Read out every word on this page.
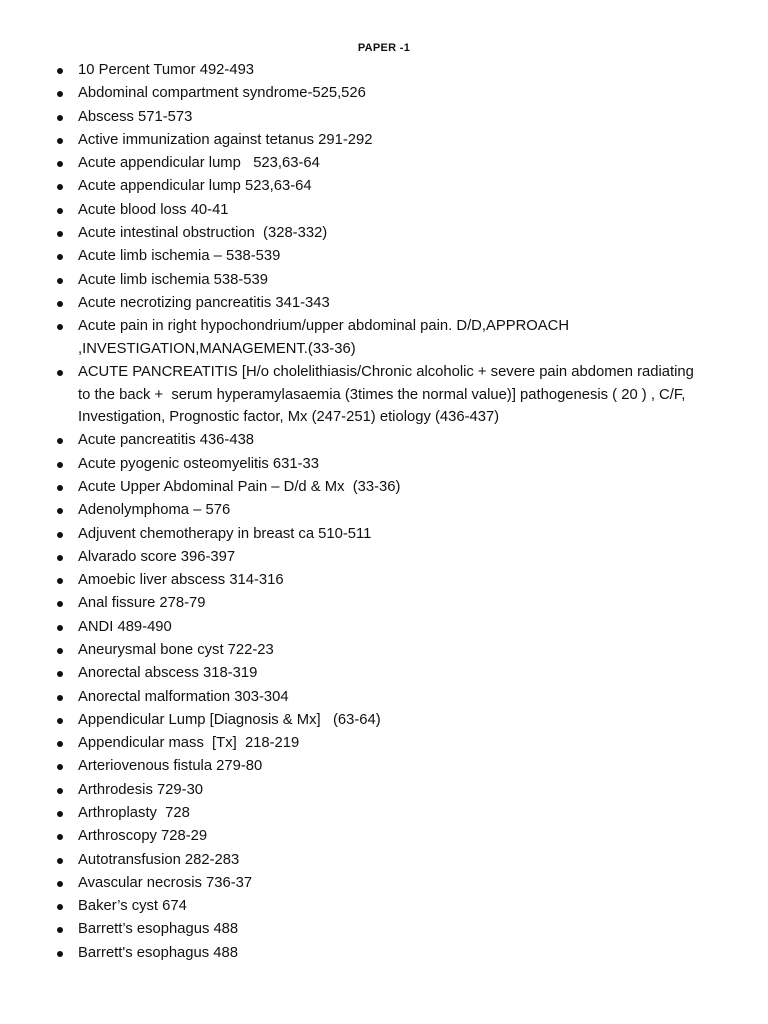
PAPER -1
10 Percent Tumor 492-493
Abdominal compartment syndrome-525,526
Abscess 571-573
Active immunization against tetanus 291-292
Acute appendicular lump   523,63-64
Acute appendicular lump 523,63-64
Acute blood loss 40-41
Acute intestinal obstruction  (328-332)
Acute limb ischemia – 538-539
Acute limb ischemia 538-539
Acute necrotizing pancreatitis 341-343
Acute pain in right hypochondrium/upper abdominal pain. D/D,APPROACH ,INVESTIGATION,MANAGEMENT.(33-36)
ACUTE PANCREATITIS [H/o cholelithiasis/Chronic alcoholic + severe pain abdomen radiating to the back +  serum hyperamylasaemia (3times the normal value)] pathogenesis ( 20 ) , C/F, Investigation, Prognostic factor, Mx (247-251) etiology (436-437)
Acute pancreatitis 436-438
Acute pyogenic osteomyelitis 631-33
Acute Upper Abdominal Pain – D/d & Mx  (33-36)
Adenolymphoma – 576
Adjuvent chemotherapy in breast ca 510-511
Alvarado score 396-397
Amoebic liver abscess 314-316
Anal fissure 278-79
ANDI 489-490
Aneurysmal bone cyst 722-23
Anorectal abscess 318-319
Anorectal malformation 303-304
Appendicular Lump [Diagnosis & Mx]   (63-64)
Appendicular mass  [Tx]  218-219
Arteriovenous fistula 279-80
Arthrodesis 729-30
Arthroplasty  728
Arthroscopy 728-29
Autotransfusion 282-283
Avascular necrosis 736-37
Baker’s cyst 674
Barrett’s esophagus 488
Barrett's esophagus 488
